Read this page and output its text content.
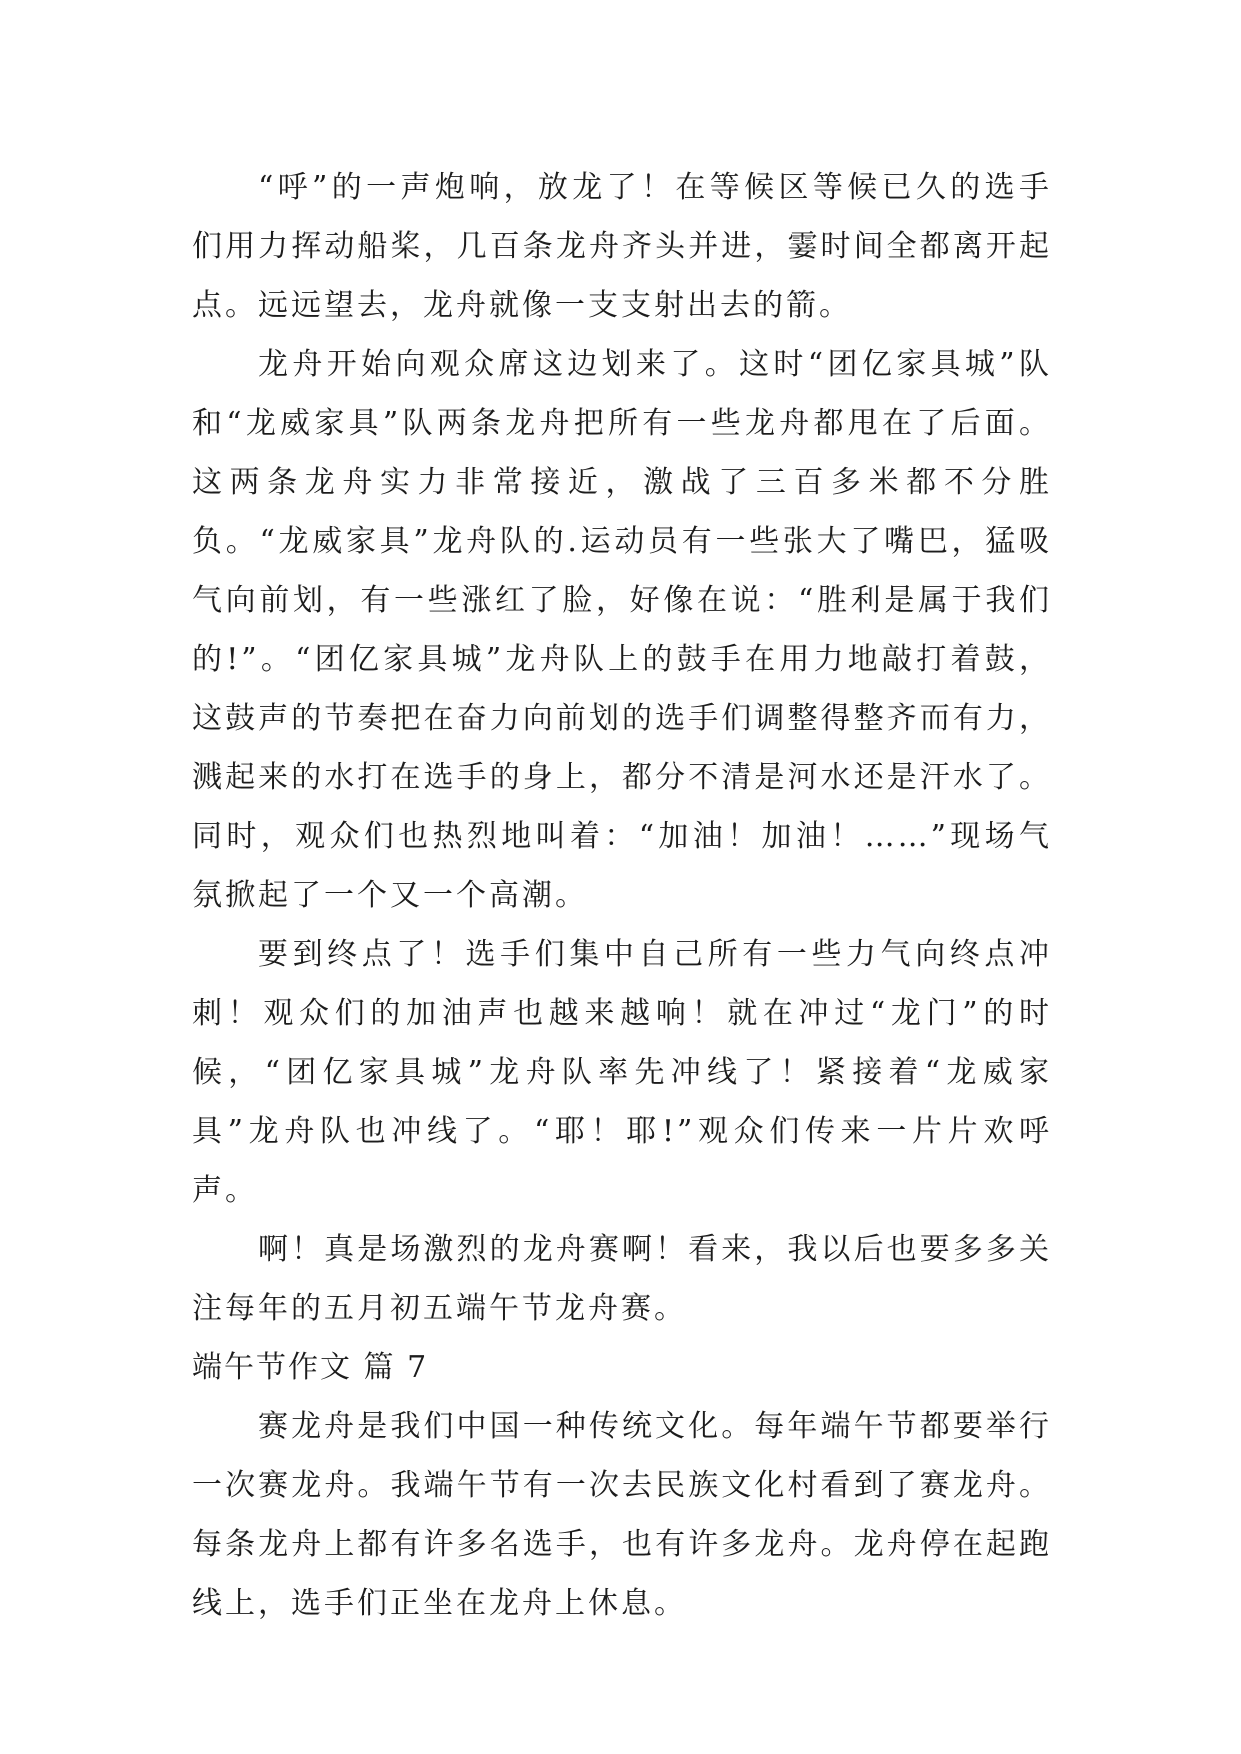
“呼”的一声炮响，放龙了！在等候区等候已久的选手们用力挥动船桨，几百条龙舟齐头并进，霎时间全都离开起点。远远望去，龙舟就像一支支射出去的箭。

龙舟开始向观众席这边划来了。这时“团亿家具城”队和“龙威家具”队两条龙舟把所有一些龙舟都甩在了后面。这两条龙舟实力非常接近，激战了三百多米都不分胜负。“龙威家具”龙舟队的.运动员有一些张大了嘴巴，猛吸气向前划，有一些涨红了脸，好像在说：“胜利是属于我们的!”。“团亿家具城”龙舟队上的鼓手在用力地敲打着鼓，这鼓声的节奏把在奋力向前划的选手们调整得整齐而有力，溅起来的水打在选手的身上，都分不清是河水还是汗水了。同时，观众们也热烈地叫着：“加油！加油！……”现场气氛掀起了一个又一个高潮。

要到终点了！选手们集中自己所有一些力气向终点冲刺！观众们的加油声也越来越响！就在冲过“龙门”的时候，“团亿家具城”龙舟队率先冲线了！紧接着“龙威家具”龙舟队也冲线了。“耶！耶!”观众们传来一片片欢呼声。

啊！真是场激烈的龙舟赛啊！看来，我以后也要多多关注每年的五月初五端午节龙舟赛。

端午节作文 篇 7

赛龙舟是我们中国一种传统文化。每年端午节都要举行一次赛龙舟。我端午节有一次去民族文化村看到了赛龙舟。每条龙舟上都有许多名选手，也有许多龙舟。龙舟停在起跑线上，选手们正坐在龙舟上休息。
